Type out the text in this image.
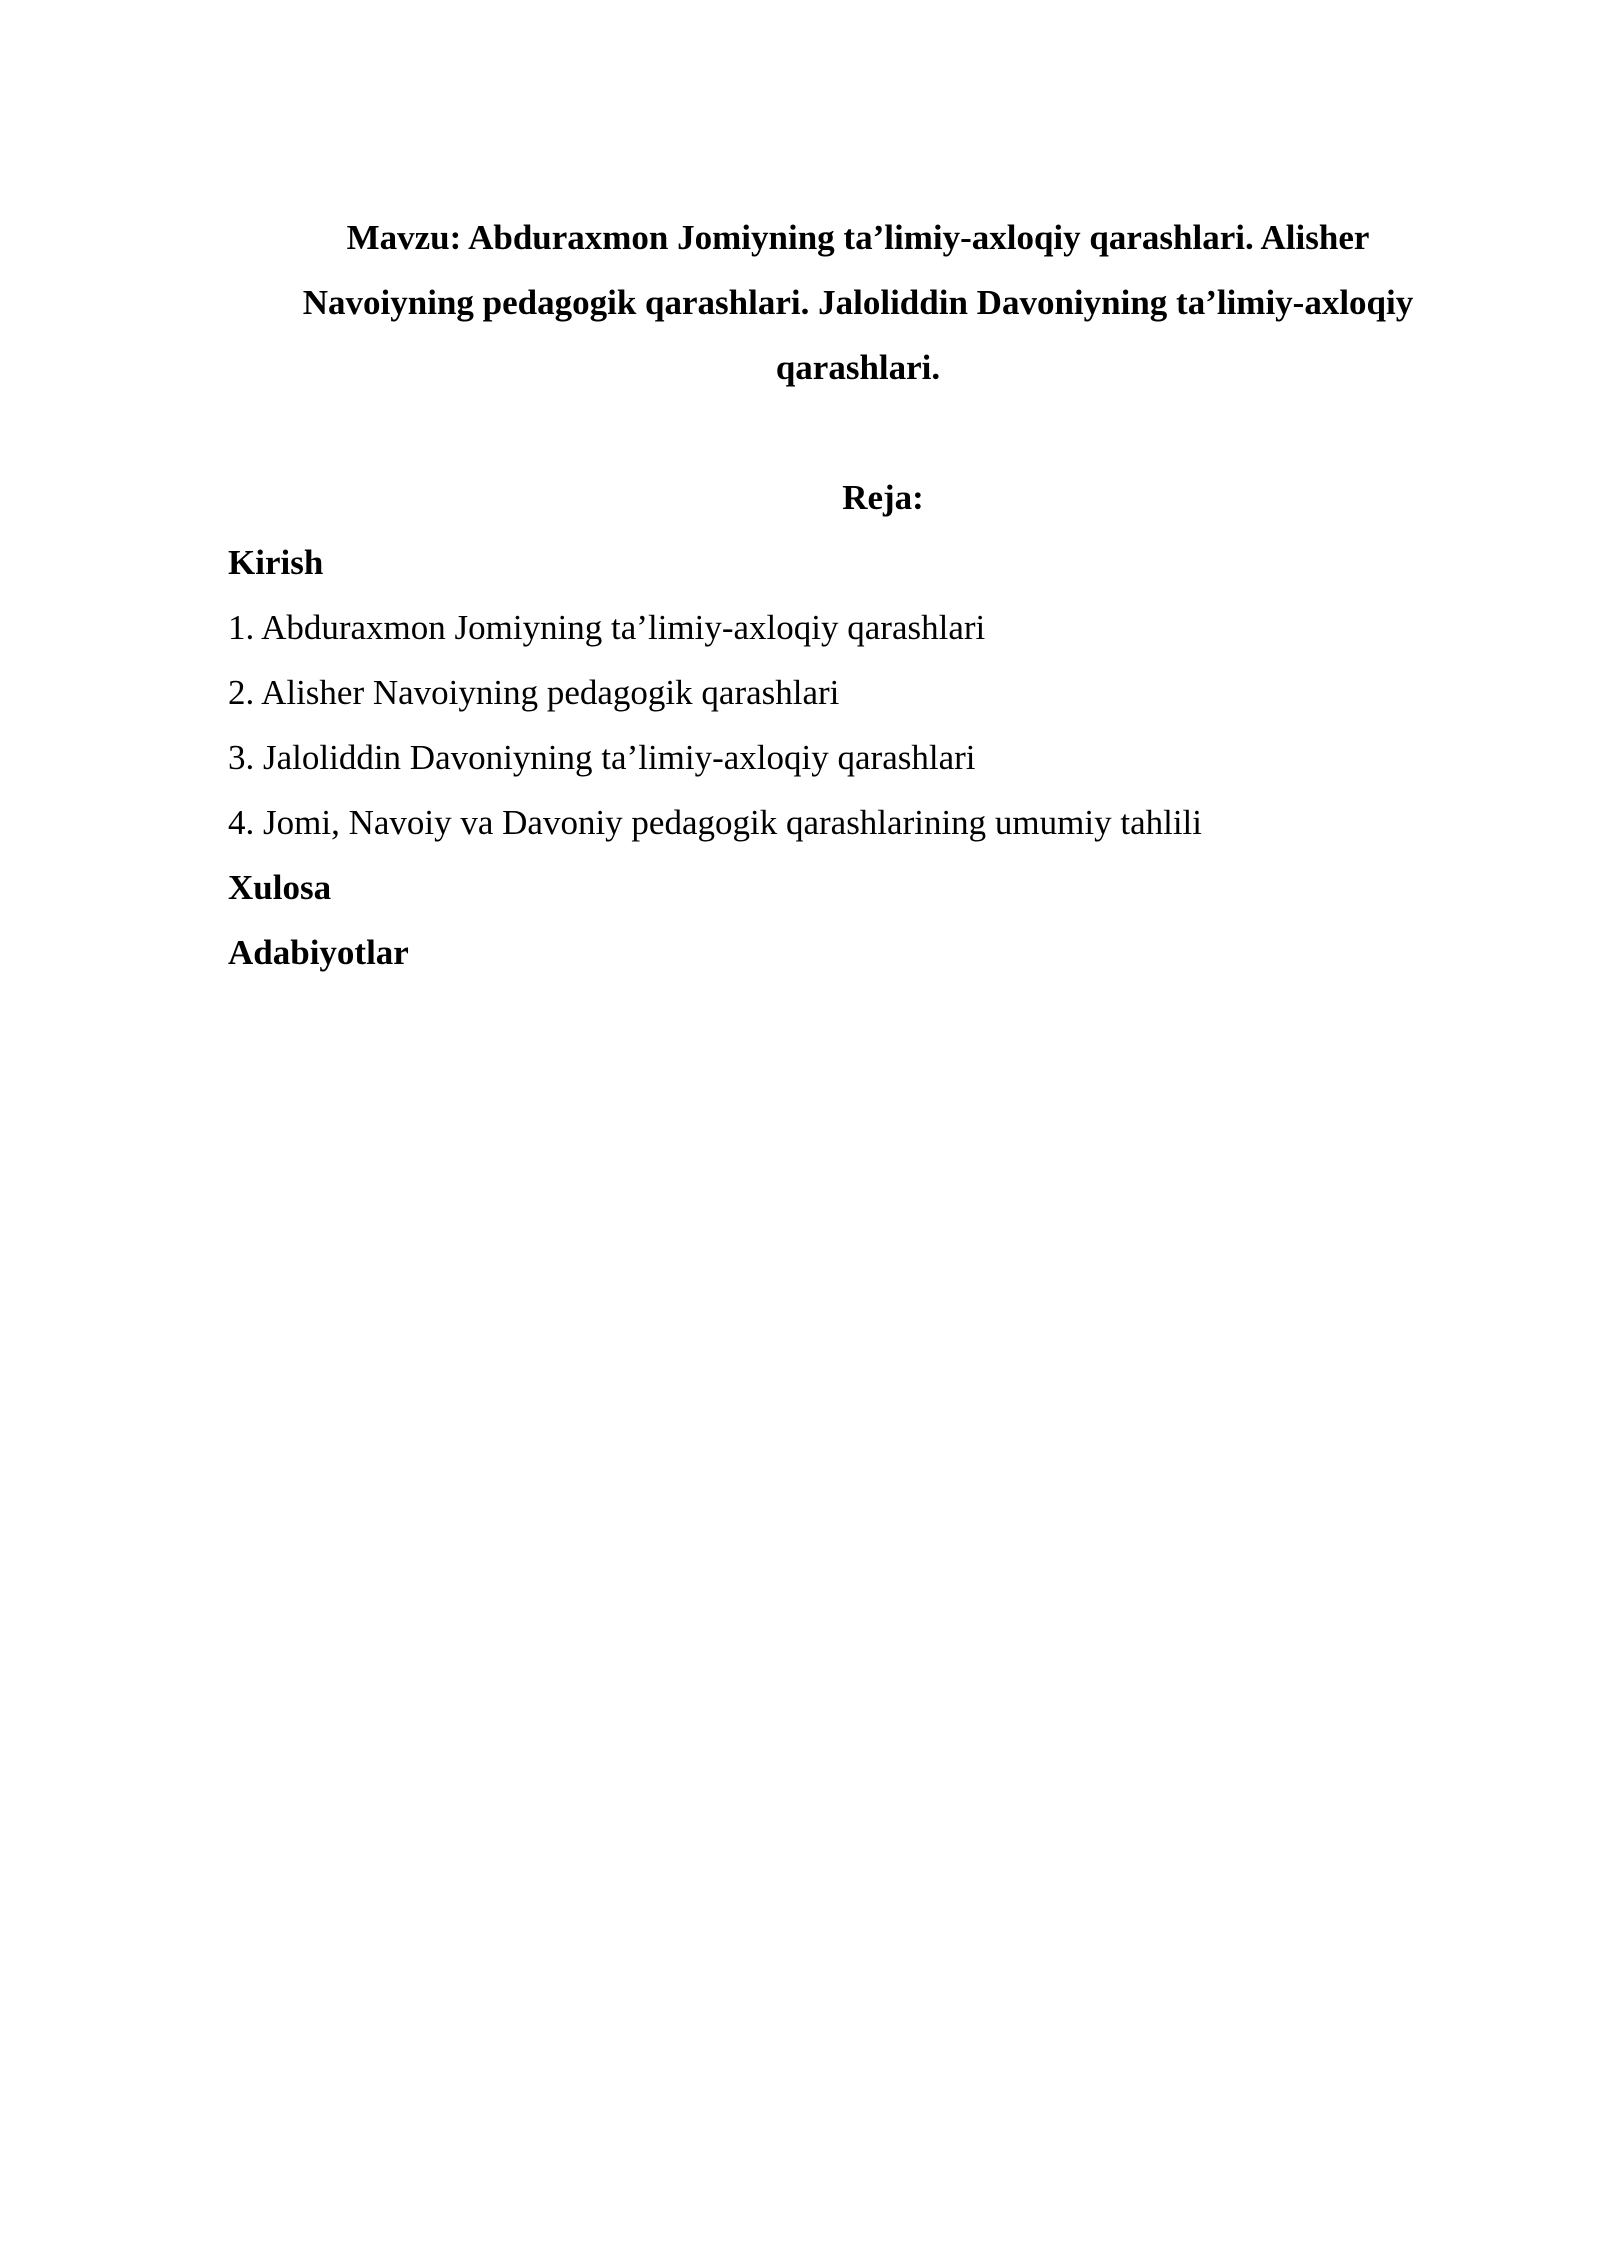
Mavzu: Abduraxmon Jomiyning ta’limiy-axloqiy qarashlari. Alisher Navoiyning pedagogik qarashlari. Jaloliddin Davoniyning ta’limiy-axloqiy qarashlari.

Reja:

Kirish
1. Abduraxmon Jomiyning ta’limiy-axloqiy qarashlari
2. Alisher Navoiyning pedagogik qarashlari
3. Jaloliddin Davoniyning ta’limiy-axloqiy qarashlari
4. Jomi, Navoiy va Davoniy pedagogik qarashlarining umumiy tahlili
Xulosa
Adabiyotlar
